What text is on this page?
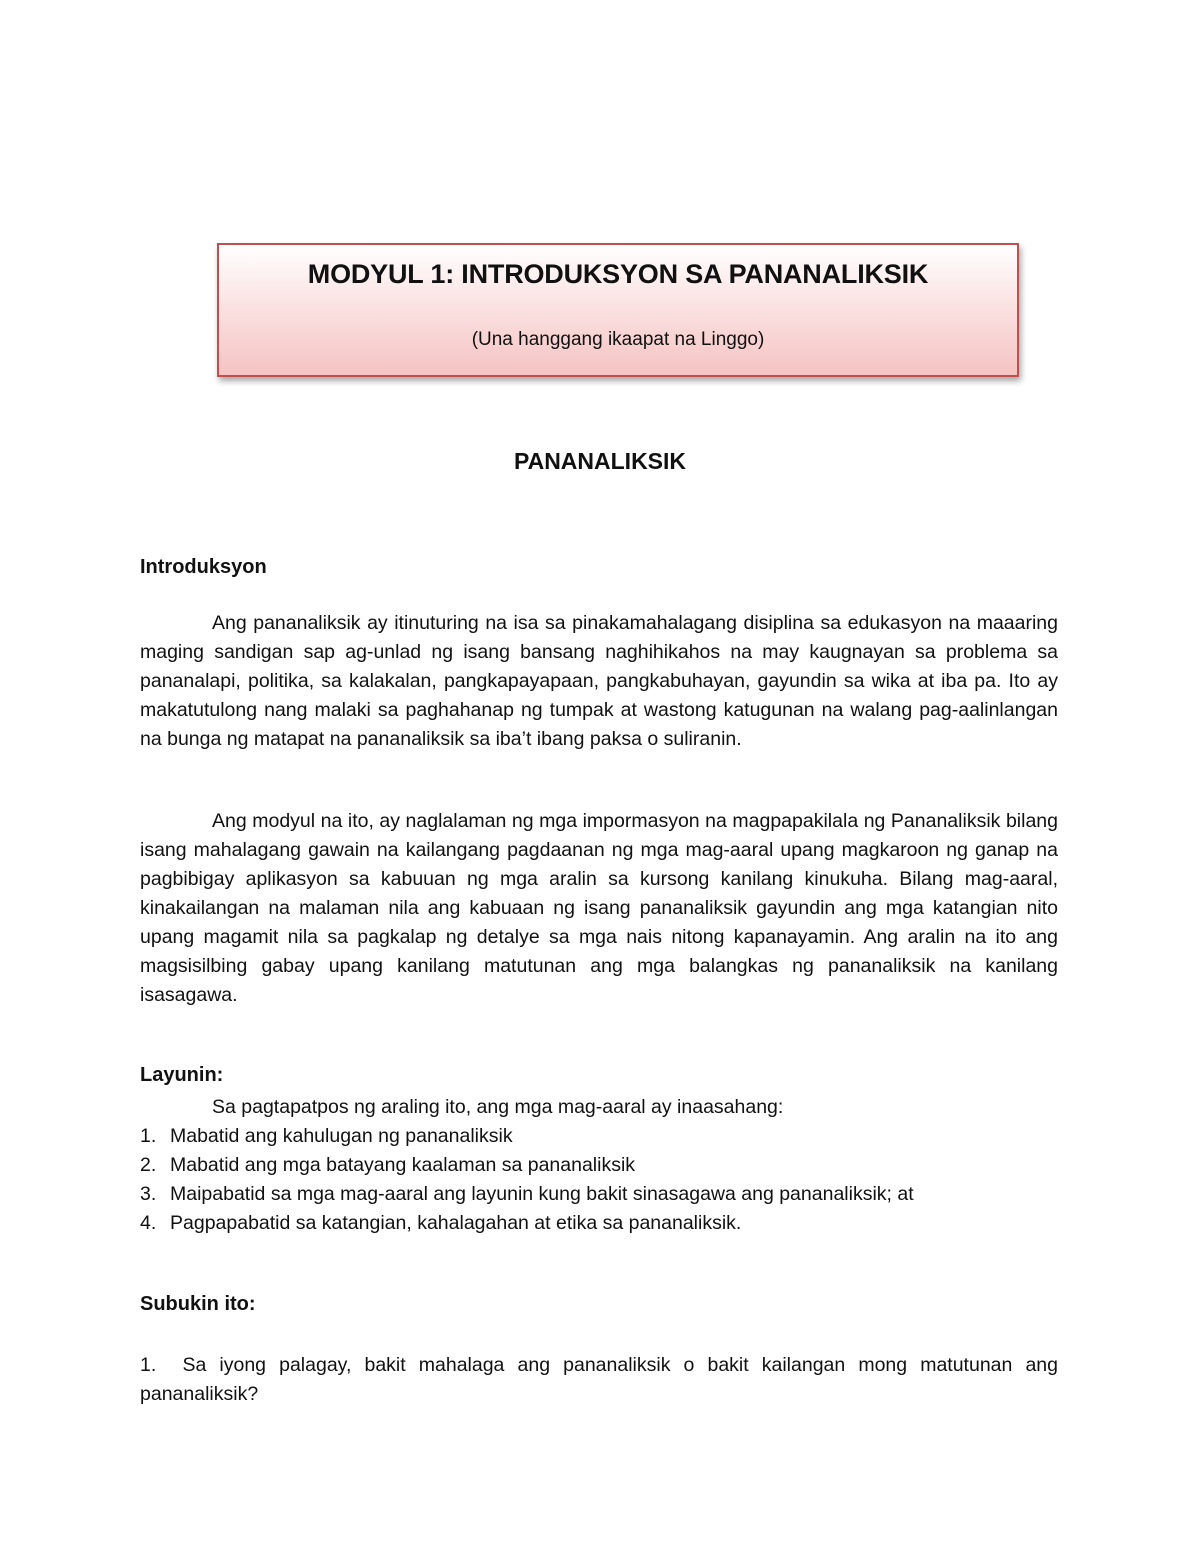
MODYUL 1: INTRODUKSYON SA PANANALIKSIK
(Una hanggang ikaapat na Linggo)
PANANALIKSIK
Introduksyon

Ang pananaliksik ay itinuturing na isa sa pinakamahalagang disiplina sa edukasyon na maaaring maging sandigan sap ag-unlad ng isang bansang naghihikahos na may kaugnayan sa problema sa pananalapi, politika, sa kalakalan, pangkapayapaan, pangkabuhayan, gayundin sa wika at iba pa. Ito ay makatutulong nang malaki sa paghahanap ng tumpak at wastong katugunan na walang pag-aalinlangan na bunga ng matapat na pananaliksik sa iba’t ibang paksa o suliranin.

Ang modyul na ito, ay naglalaman ng mga impormasyon na magpapakilala ng Pananaliksik bilang isang mahalagang gawain na kailangang pagdaanan ng mga mag-aaral upang magkaroon ng ganap na pagbibigay aplikasyon sa kabuuan ng mga aralin sa kursong kanilang kinukuha. Bilang mag-aaral, kinakailangan na malaman nila ang kabuaan ng isang pananaliksik gayundin ang mga katangian nito upang magamit nila sa pagkalap ng detalye sa mga nais nitong kapanayamin. Ang aralin na ito ang magsisilbing gabay upang kanilang matutunan ang mga balangkas ng pananaliksik na kanilang isasagawa.

Layunin:
Sa pagtapatpos ng araling ito, ang mga mag-aaral ay inaasahang:
1. Mabatid ang kahulugan ng pananaliksik
2. Mabatid ang mga batayang kaalaman sa pananaliksik
3. Maipabatid sa mga mag-aaral ang layunin kung bakit sinasagawa ang pananaliksik; at
4. Pagpapabatid sa katangian, kahalagahan at etika sa pananaliksik.
Subukin ito:

1. Sa iyong palagay, bakit mahalaga ang pananaliksik o bakit kailangan mong matutunan ang pananaliksik?
